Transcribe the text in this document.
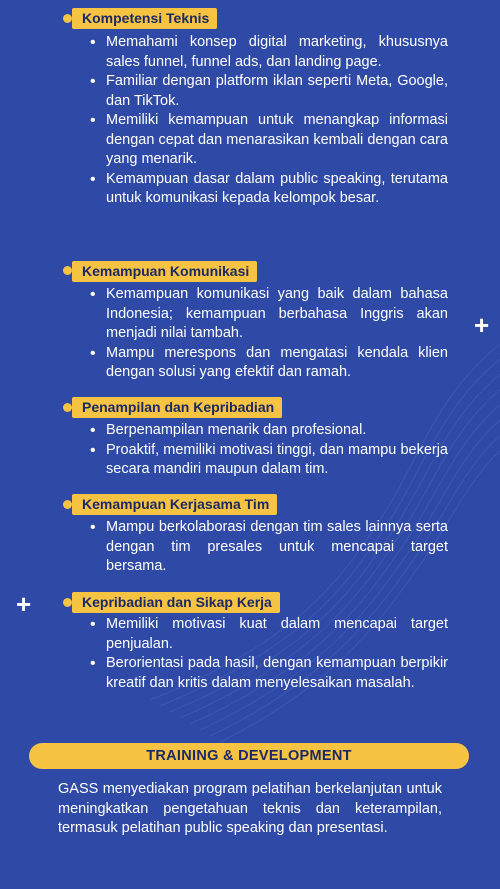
+
+
Kompetensi Teknis
• Memahami konsep digital marketing, khususnya sales funnel, funnel ads, dan landing page.
• Familiar dengan platform iklan seperti Meta, Google, dan TikTok.
• Memiliki kemampuan untuk menangkap informasi dengan cepat dan menarasikan kembali dengan cara yang menarik.
• Kemampuan dasar dalam public speaking, terutama untuk komunikasi kepada kelompok besar.
Kemampuan Komunikasi
• Kemampuan komunikasi yang baik dalam bahasa Indonesia; kemampuan berbahasa Inggris akan menjadi nilai tambah.
• Mampu merespons dan mengatasi kendala klien dengan solusi yang efektif dan ramah.
Penampilan dan Kepribadian
• Berpenampilan menarik dan profesional.
• Proaktif, memiliki motivasi tinggi, dan mampu bekerja secara mandiri maupun dalam tim.
Kemampuan Kerjasama Tim
• Mampu berkolaborasi dengan tim sales lainnya serta dengan tim presales untuk mencapai target bersama.
Kepribadian dan Sikap Kerja
• Memiliki motivasi kuat dalam mencapai target penjualan.
• Berorientasi pada hasil, dengan kemampuan berpikir kreatif dan kritis dalam menyelesaikan masalah.
TRAINING & DEVELOPMENT
GASS menyediakan program pelatihan berkelanjutan untuk meningkatkan pengetahuan teknis dan keterampilan, termasuk pelatihan public speaking dan presentasi.
